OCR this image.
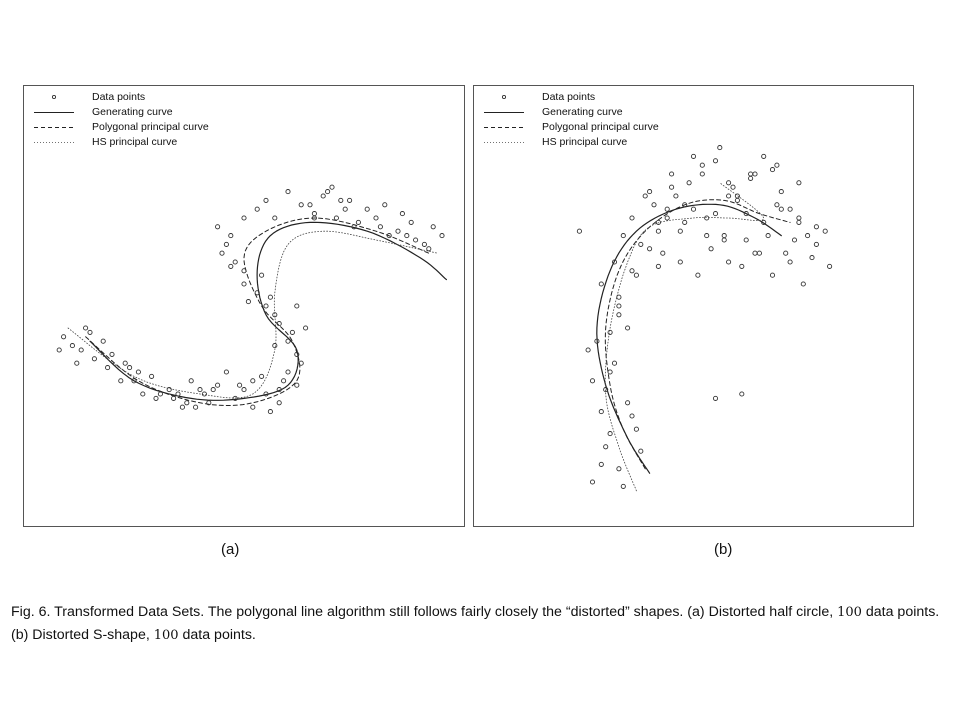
Data points
Generating curve
Polygonal principal curve
HS principal curve
Data points
Generating curve
Polygonal principal curve
HS principal curve
(a)	(b)
Fig. 6. Transformed Data Sets. The polygonal line algorithm still follows fairly closely the “distorted” shapes. (a) Distorted half circle, 100 data points. (b) Distorted S-shape, 100 data points.
